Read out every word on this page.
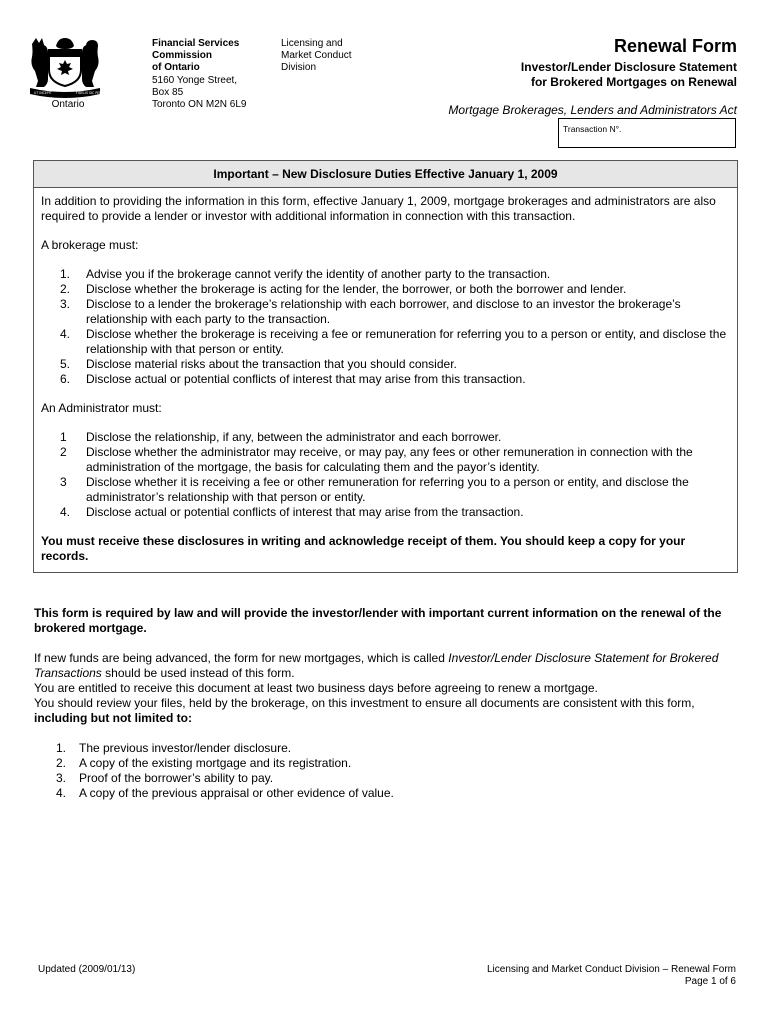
UT INCEPIT	FIDELIS SIC PERMANET
Ontario
Financial Services
Commission
of Ontario
5160 Yonge Street,
Box 85
Toronto ON M2N 6L9
Licensing and
Market Conduct
Division
Renewal Form
Investor/Lender Disclosure Statement
for Brokered Mortgages on Renewal
Mortgage Brokerages, Lenders and Administrators Act
Transaction N°.
Important – New Disclosure Duties Effective January 1, 2009

In addition to providing the information in this form, effective January 1, 2009, mortgage brokerages and administrators are also required to provide a lender or investor with additional information in connection with this transaction.

A brokerage must:

1. Advise you if the brokerage cannot verify the identity of another party to the transaction.
2. Disclose whether the brokerage is acting for the lender, the borrower, or both the borrower and lender.
3. Disclose to a lender the brokerage’s relationship with each borrower, and disclose to an investor the brokerage’s relationship with each party to the transaction.
4. Disclose whether the brokerage is receiving a fee or remuneration for referring you to a person or entity, and disclose the relationship with that person or entity.
5. Disclose material risks about the transaction that you should consider.
6. Disclose actual or potential conflicts of interest that may arise from this transaction.

An Administrator must:

1 Disclose the relationship, if any, between the administrator and each borrower.
2 Disclose whether the administrator may receive, or may pay, any fees or other remuneration in connection with the administration of the mortgage, the basis for calculating them and the payor’s identity.
3 Disclose whether it is receiving a fee or other remuneration for referring you to a person or entity, and disclose the administrator’s relationship with that person or entity.
4. Disclose actual or potential conflicts of interest that may arise from the transaction.

You must receive these disclosures in writing and acknowledge receipt of them. You should keep a copy for your records.

This form is required by law and will provide the investor/lender with important current information on the renewal of the brokered mortgage.

If new funds are being advanced, the form for new mortgages, which is called Investor/Lender Disclosure Statement for Brokered Transactions should be used instead of this form.

You are entitled to receive this document at least two business days before agreeing to renew a mortgage.

You should review your files, held by the brokerage, on this investment to ensure all documents are consistent with this form, including but not limited to:

1. The previous investor/lender disclosure.
2. A copy of the existing mortgage and its registration.
3. Proof of the borrower’s ability to pay.
4. A copy of the previous appraisal or other evidence of value.
Updated (2009/01/13)	Licensing and Market Conduct Division – Renewal Form
Page 1 of 6
